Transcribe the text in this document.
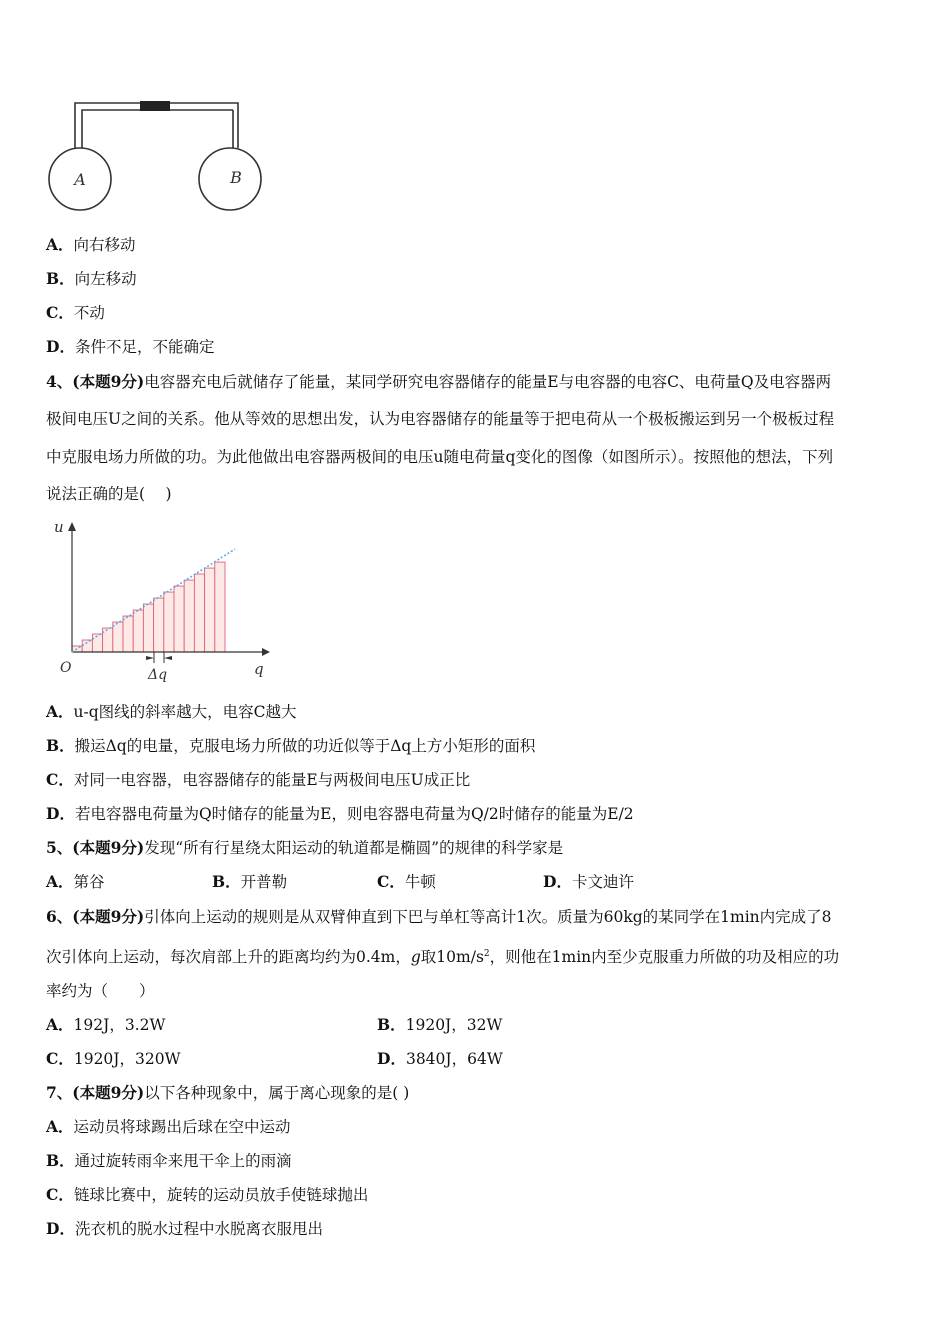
A	B
A．向右移动
B．向左移动
C．不动
D．条件不足，不能确定
4、(本题9分)电容器充电后就储存了能量，某同学研究电容器储存的能量E与电容器的电容C、电荷量Q及电容器两
极间电压U之间的关系。他从等效的思想出发，认为电容器储存的能量等于把电荷从一个极板搬运到另一个极板过程
中克服电场力所做的功。为此他做出电容器两极间的电压u随电荷量q变化的图像（如图所示）。按照他的想法，下列
说法正确的是(　 )
u
q
O	Δq
A．u-q图线的斜率越大，电容C越大
B．搬运Δq的电量，克服电场力所做的功近似等于Δq上方小矩形的面积
C．对同一电容器，电容器储存的能量E与两极间电压U成正比
D．若电容器电荷量为Q时储存的能量为E，则电容器电荷量为Q/2时储存的能量为E/2
5、(本题9分)发现“所有行星绕太阳运动的轨道都是椭圆”的规律的科学家是
A．第谷	B．开普勒	C．牛顿	D．卡文迪许
6、(本题9分)引体向上运动的规则是从双臂伸直到下巴与单杠等高计1次。质量为60kg的某同学在1min内完成了8
次引体向上运动，每次肩部上升的距离均约为0.4m，g取$10m/s^2$，则他在1min内至少克服重力所做的功及相应的功
率约为（　　）
A．192J，3.2W	B．1920J，32W
C．1920J，320W	D．3840J，64W
7、(本题9分)以下各种现象中，属于离心现象的是( )
A．运动员将球踢出后球在空中运动
B．通过旋转雨伞来甩干伞上的雨滴
C．链球比赛中，旋转的运动员放手使链球抛出
D．洗衣机的脱水过程中水脱离衣服甩出
